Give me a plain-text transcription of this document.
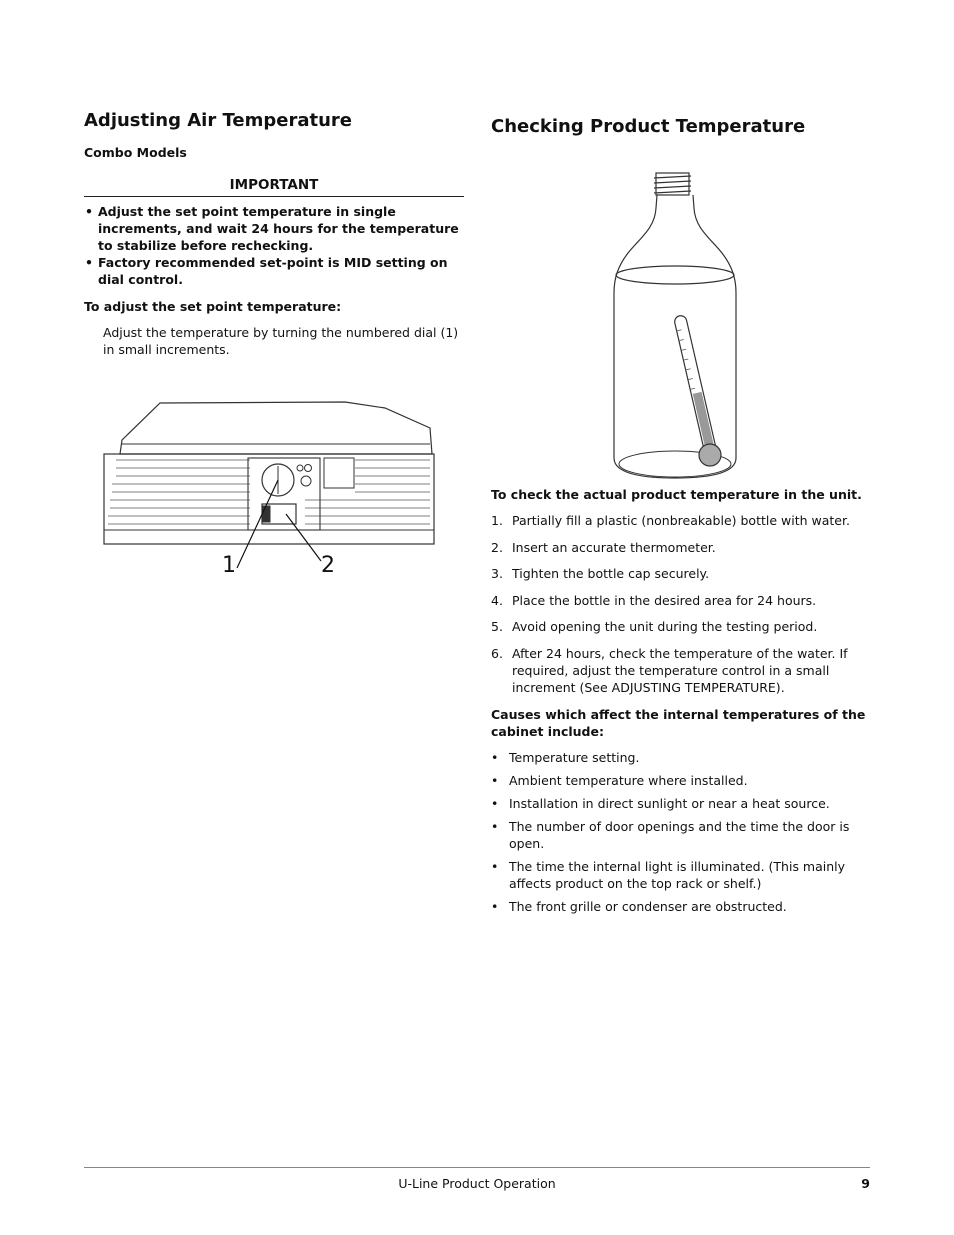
Adjusting Air Temperature
Combo Models
IMPORTANT
• Adjust the set point temperature in single increments, and wait 24 hours for the temperature to stabilize before rechecking.
• Factory recommended set-point is MID setting on dial control.
To adjust the set point temperature:
Adjust the temperature by turning the numbered dial (1) in small increments.
1	2
Checking Product Temperature
To check the actual product temperature in the unit.
1. Partially fill a plastic (nonbreakable) bottle with water.
2. Insert an accurate thermometer.
3. Tighten the bottle cap securely.
4. Place the bottle in the desired area for 24 hours.
5. Avoid opening the unit during the testing period.
6. After 24 hours, check the temperature of the water. If required, adjust the temperature control in a small increment (See ADJUSTING TEMPERATURE).
Causes which affect the internal temperatures of the cabinet include:
• Temperature setting.
• Ambient temperature where installed.
• Installation in direct sunlight or near a heat source.
• The number of door openings and the time the door is open.
• The time the internal light is illuminated. (This mainly affects product on the top rack or shelf.)
• The front grille or condenser are obstructed.
U-Line Product Operation	9
